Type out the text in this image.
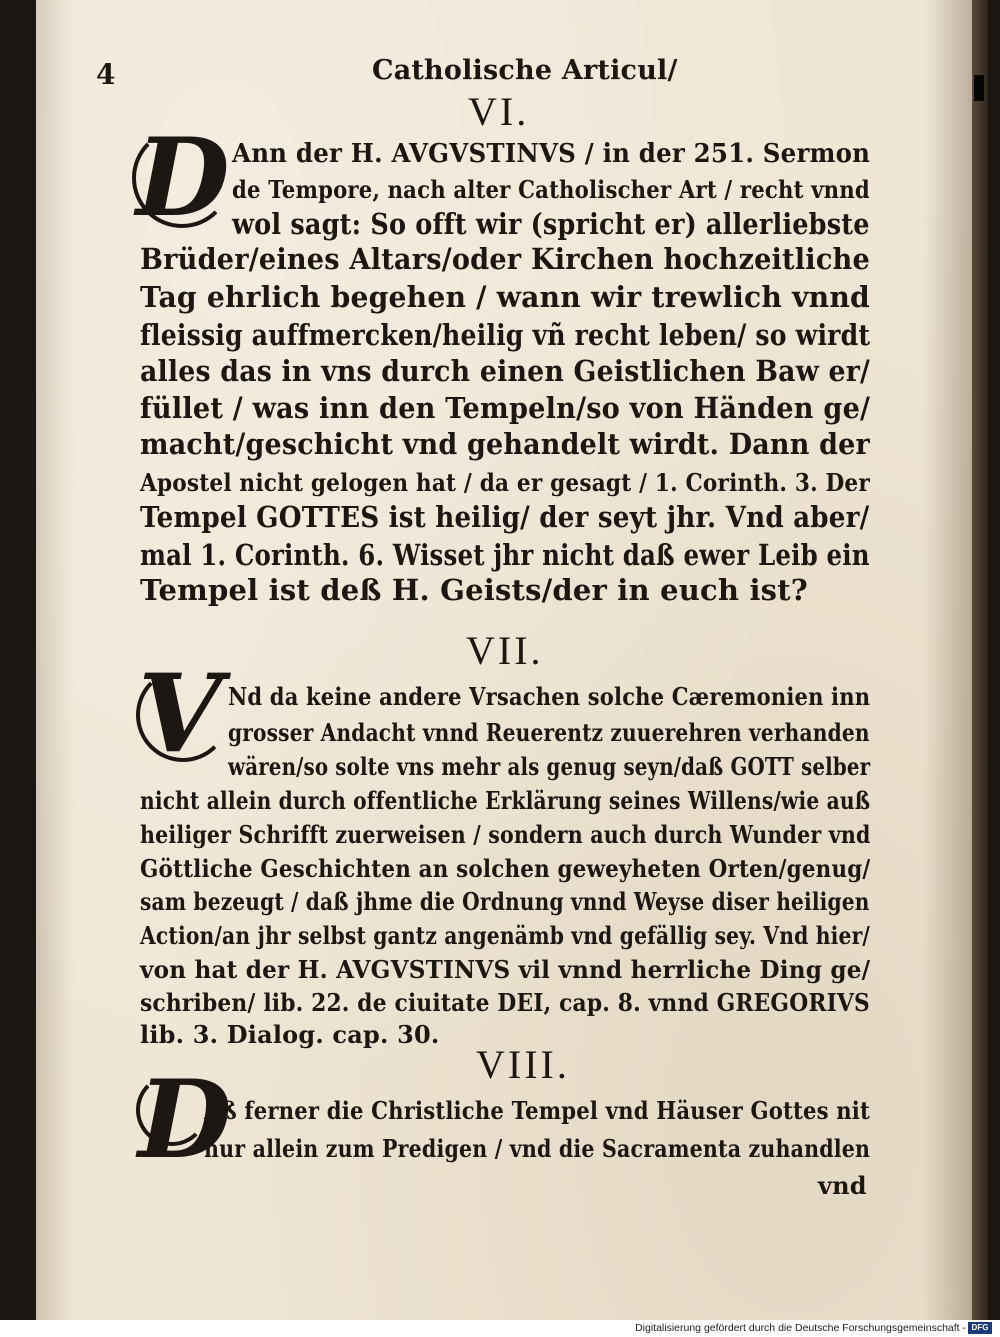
4	Catholische Articul/
VI.
D Ann der H. AVGVSTINVS / in der 251. Sermon
de Tempore, nach alter Catholischer Art / recht vnnd
wol sagt: So offt wir (spricht er) allerliebste
Brüder/eines Altars/oder Kirchen hochzeitliche
Tag ehrlich begehen / wann wir trewlich vnnd
fleissig auffmercken/heilig vñ recht leben/ so wirdt
alles das in vns durch einen Geistlichen Baw er/
füllet / was inn den Tempeln/so von Händen ge/
macht/geschicht vnd gehandelt wirdt. Dann der
Apostel nicht gelogen hat / da er gesagt / 1. Corinth. 3. Der
Tempel GOTTES ist heilig/ der seyt jhr. Vnd aber/
mal 1. Corinth. 6. Wisset jhr nicht daß ewer Leib ein
Tempel ist deß H. Geists/der in euch ist?
VII.
V Nd da keine andere Vrsachen solche Cæremonien inn
grosser Andacht vnnd Reuerentz zuuerehren verhanden
wären/so solte vns mehr als genug seyn/daß GOTT selber
nicht allein durch offentliche Erklärung seines Willens/wie auß
heiliger Schrifft zuerweisen / sondern auch durch Wunder vnd
Göttliche Geschichten an solchen geweyheten Orten/genug/
sam bezeugt / daß jhme die Ordnung vnnd Weyse diser heiligen
Action/an jhr selbst gantz angenämb vnd gefällig sey. Vnd hier/
von hat der H. AVGVSTINVS vil vnnd herrliche Ding ge/
schriben/ lib. 22. de ciuitate DEI, cap. 8. vnnd GREGORIVS
lib. 3. Dialog. cap. 30.
VIII.
D
Aß ferner die Christliche Tempel vnd Häuser Gottes nit
nur allein zum Predigen / vnd die Sacramenta zuhandlen
vnd
Digitalisierung gefördert durch die Deutsche Forschungsgemeinschaft - DFG
